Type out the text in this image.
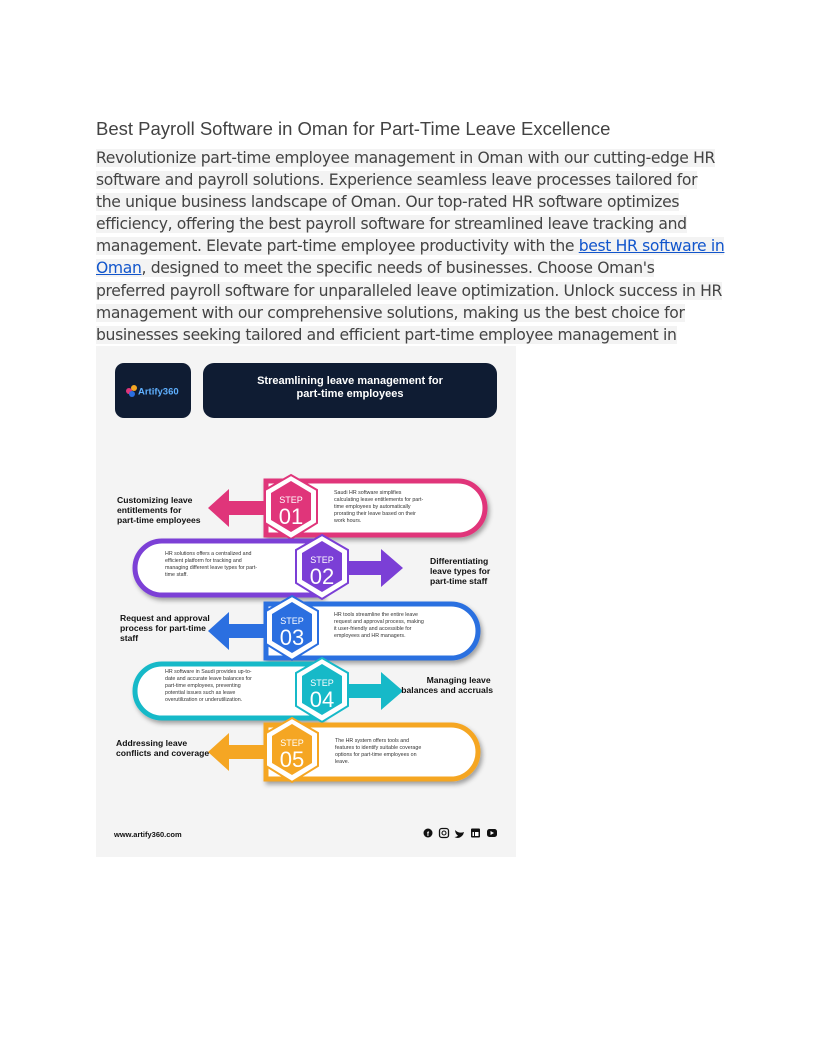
Best Payroll Software in Oman for Part-Time Leave Excellence

Revolutionize part-time employee management in Oman with our cutting-edge HR software and payroll solutions. Experience seamless leave processes tailored for the unique business landscape of Oman. Our top-rated HR software optimizes efficiency, offering the best payroll software for streamlined leave tracking and management. Elevate part-time employee productivity with the best HR software in Oman, designed to meet the specific needs of businesses. Choose Oman's preferred payroll software for unparalleled leave optimization. Unlock success in HR management with our comprehensive solutions, making us the best choice for businesses seeking tailored and efficient part-time employee management in

Artify360
Streamlining leave management for
part-time employees
STEP
01
Customizing leave entitlements for part-time employees
Saudi HR software simplifies calculating leave entitlements for part- time employees by automatically prorating their leave based on their work hours.
STEP
02
Differentiating leave types for part-time staff
HR solutions offers a centralized and efficient platform for tracking and managing different leave types for part- time staff.
STEP
03
Request and approval process for part-time staff
HR tools streamline the entire leave request and approval process, making it user-friendly and accessible for employees and HR managers.
STEP
04
Managing leave balances and accruals
HR software in Saudi provides up-to- date and accurate leave balances for part-time employees, preventing potential issues such as leave overutilization or underutilization.
STEP
05
Addressing leave conflicts and coverage
The HR system offers tools and features to identify suitable coverage options for part-time employees on leave.
www.artify360.com	f
